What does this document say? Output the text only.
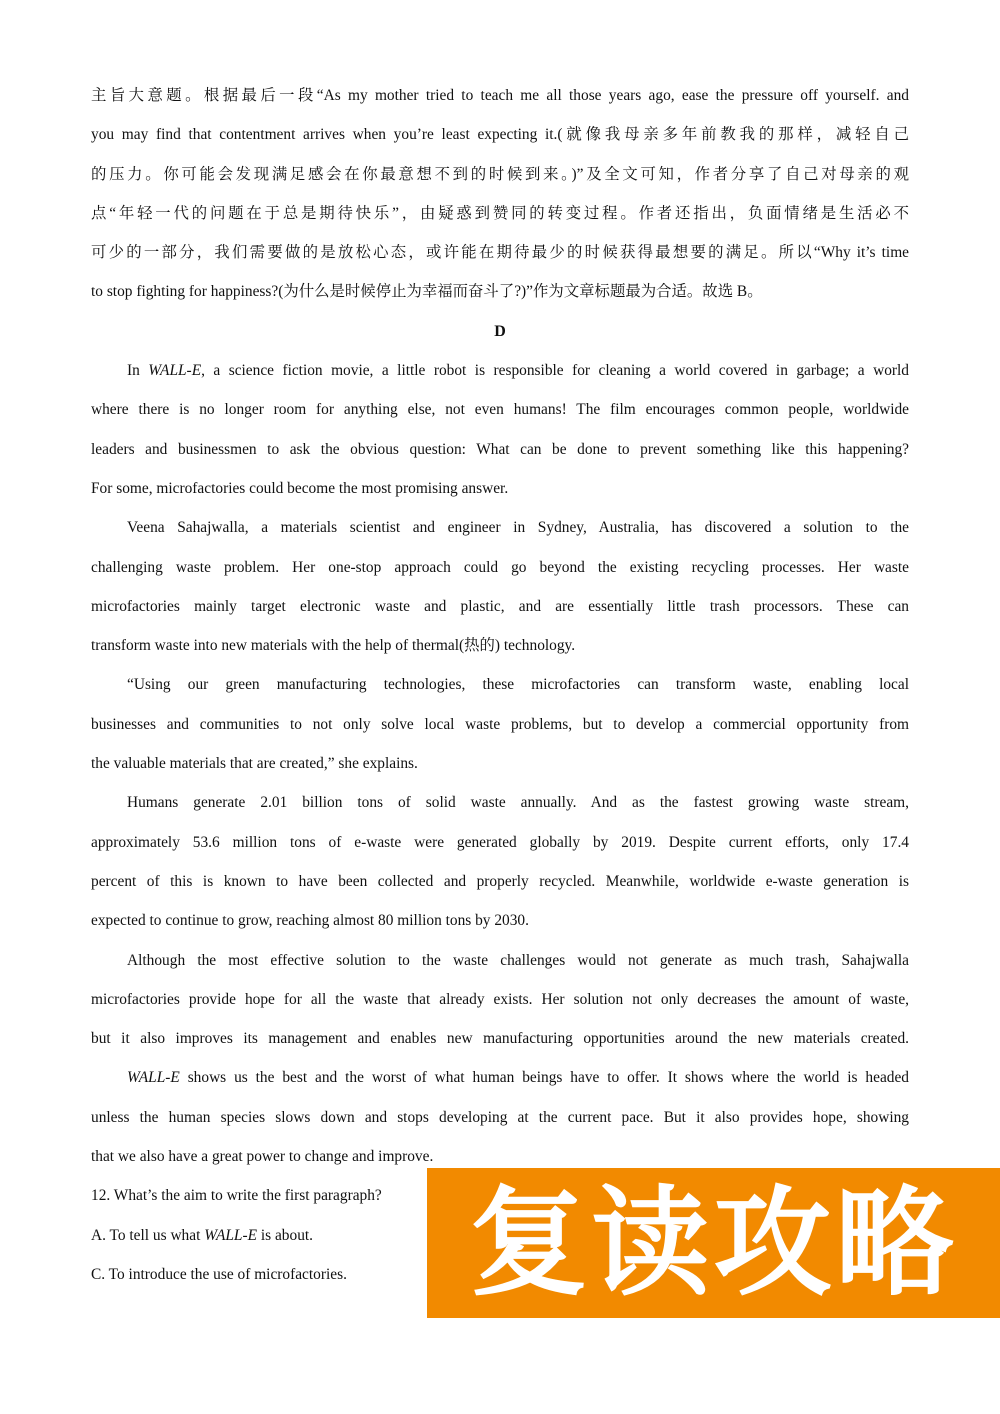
主旨大意题。根据最后一段“As my mother tried to teach me all those years ago, ease the pressure off yourself. and
you may find that contentment arrives when you’re least expecting it.(就像我母亲多年前教我的那样，减轻自己
的压力。你可能会发现满足感会在你最意想不到的时候到来。)”及全文可知，作者分享了自己对母亲的观
点“年轻一代的问题在于总是期待快乐”，由疑惑到赞同的转变过程。作者还指出，负面情绪是生活必不
可少的一部分，我们需要做的是放松心态，或许能在期待最少的时候获得最想要的满足。所以“Why it’s time
to stop fighting for happiness?(为什么是时候停止为幸福而奋斗了?)”作为文章标题最为合适。故选 B。
D
In WALL-E, a science fiction movie, a little robot is responsible for cleaning a world covered in garbage; a world
where there is no longer room for anything else, not even humans! The film encourages common people, worldwide
leaders and businessmen to ask the obvious question: What can be done to prevent something like this happening?
For some, microfactories could become the most promising answer.
Veena Sahajwalla, a materials scientist and engineer in Sydney, Australia, has discovered a solution to the
challenging waste problem. Her one-stop approach could go beyond the existing recycling processes. Her waste
microfactories mainly target electronic waste and plastic, and are essentially little trash processors. These can
transform waste into new materials with the help of thermal(热的) technology.
“Using our green manufacturing technologies, these microfactories can transform waste, enabling local
businesses and communities to not only solve local waste problems, but to develop a commercial opportunity from
the valuable materials that are created,” she explains.
Humans generate 2.01 billion tons of solid waste annually. And as the fastest growing waste stream,
approximately 53.6 million tons of e-waste were generated globally by 2019. Despite current efforts, only 17.4
percent of this is known to have been collected and properly recycled. Meanwhile, worldwide e-waste generation is
expected to continue to grow, reaching almost 80 million tons by 2030.
Although the most effective solution to the waste challenges would not generate as much trash, Sahajwalla
microfactories provide hope for all the waste that already exists. Her solution not only decreases the amount of waste,
but it also improves its management and enables new manufacturing opportunities around the new materials created.
WALL-E shows us the best and the worst of what human beings have to offer. It shows where the world is headed
unless the human species slows down and stops developing at the current pace. But it also provides hope, showing
that we also have a great power to change and improve.
12. What’s the aim to write the first paragraph?
A. To tell us what WALL-E is about.
C. To introduce the use of microfactories.	复读攻略
